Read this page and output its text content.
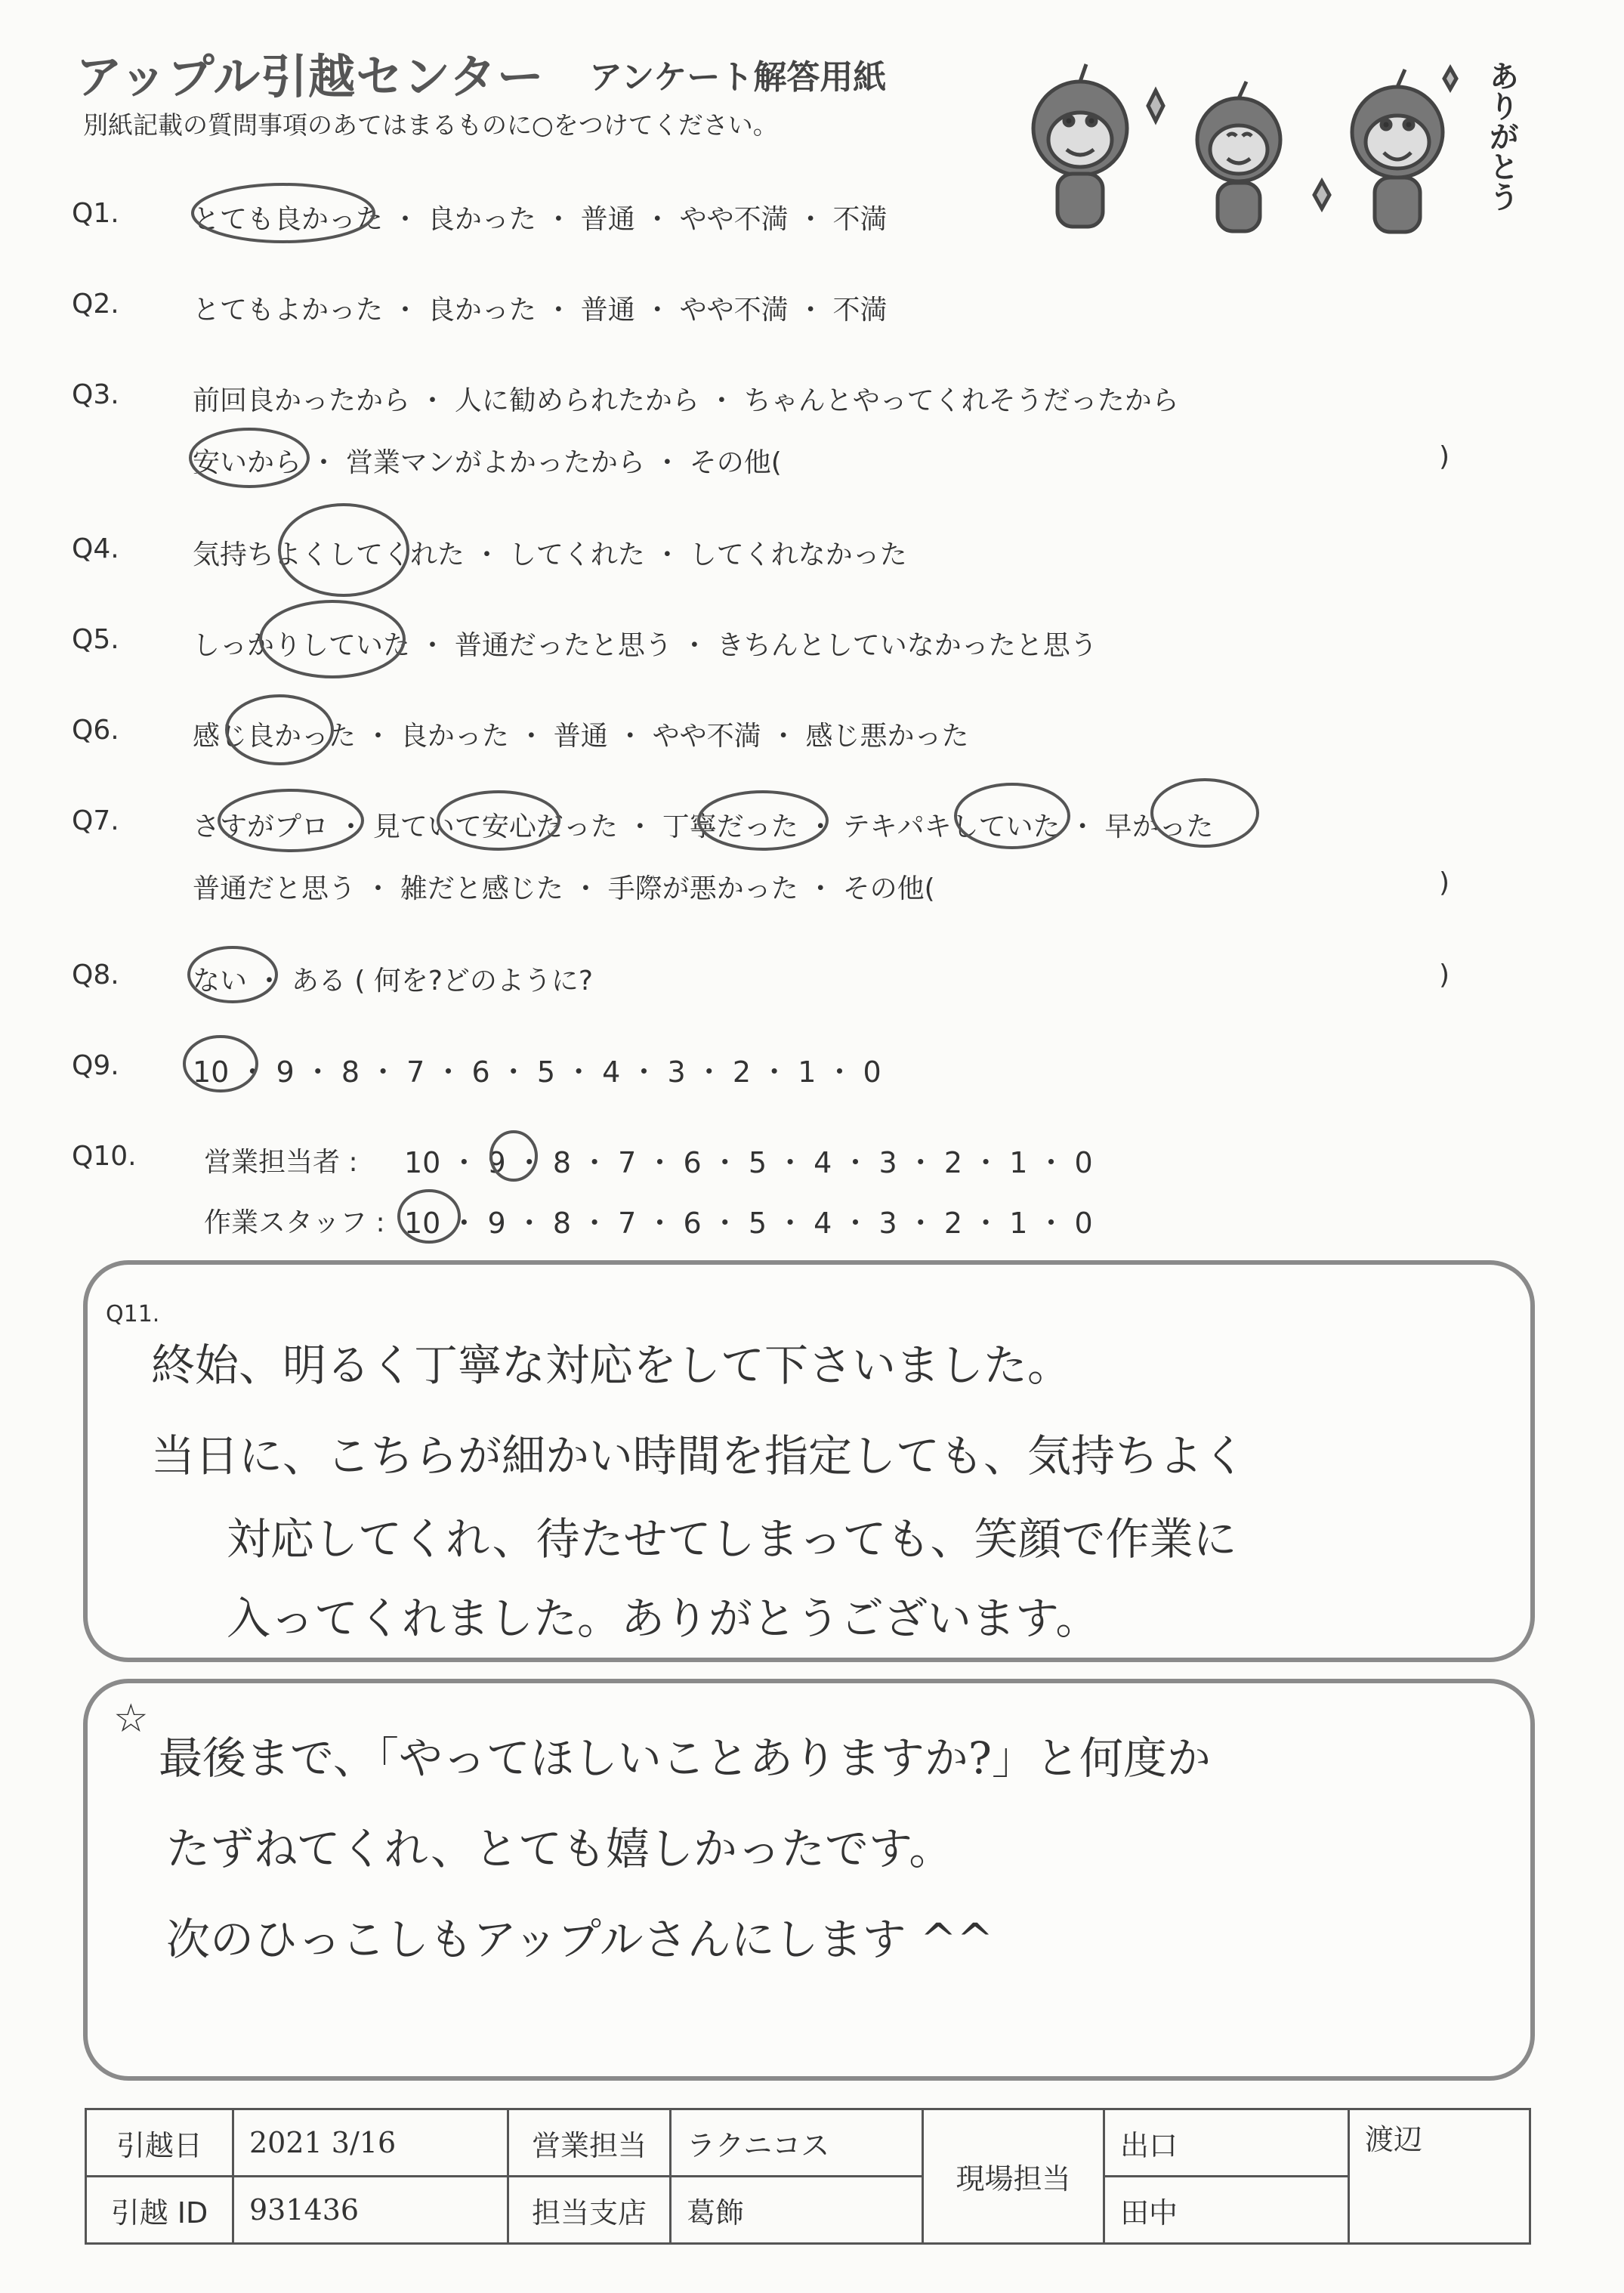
アップル引越センター アンケート解答用紙
別紙記載の質問事項のあてはまるものに○をつけてください。	ありがとう
Q1.	とても良かった ・ 良かった ・ 普通 ・ やや不満 ・ 不満
Q2.	とてもよかった ・ 良かった ・ 普通 ・ やや不満 ・ 不満
Q3.	前回良かったから ・ 人に勧められたから ・ ちゃんとやってくれそうだったから
安いから ・ 営業マンがよかったから ・ その他(	)
Q4.	気持ちよくしてくれた ・ してくれた ・ してくれなかった
Q5.	しっかりしていた ・ 普通だったと思う ・ きちんとしていなかったと思う
Q6.	感じ良かった ・ 良かった ・ 普通 ・ やや不満 ・ 感じ悪かった
Q7.	さすがプロ ・ 見ていて安心だった ・ 丁寧だった ・ テキパキしていた ・ 早かった
普通だと思う ・ 雑だと感じた ・ 手際が悪かった ・ その他(	)
Q8.	ない ・ ある ( 何を?どのように?	)
Q9.	10 ・ 9 ・ 8 ・ 7 ・ 6 ・ 5 ・ 4 ・ 3 ・ 2 ・ 1 ・ 0
Q10. 営業担当者 : 10 ・ 9 ・ 8 ・ 7 ・ 6 ・ 5 ・ 4 ・ 3 ・ 2 ・ 1 ・ 0
作業スタッフ : 10 ・ 9 ・ 8 ・ 7 ・ 6 ・ 5 ・ 4 ・ 3 ・ 2 ・ 1 ・ 0
Q11.
終始、明るく丁寧な対応をして下さいました。
当日に、こちらが細かい時間を指定しても、気持ちよく
対応してくれ、待たせてしまっても、笑顔で作業に
入ってくれました。ありがとうございます。
☆
最後まで、「やってほしいことありますか?」と何度か
たずねてくれ、とても嬉しかったです。
次のひっこしもアップルさんにします ^^
引越日	2021 3/16	営業担当	ラクニコス	現場担当	出口	渡辺
引越 ID	931436	担当支店	葛飾		田中	
